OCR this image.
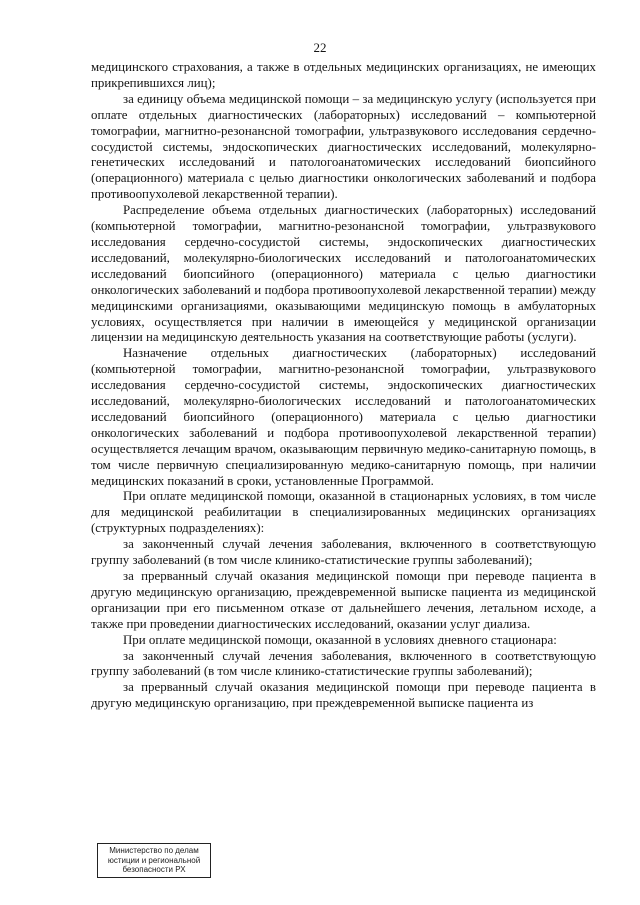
22

медицинского страхования, а также в отдельных медицинских организациях, не имеющих прикрепившихся лиц);

за единицу объема медицинской помощи – за медицинскую услугу (используется при оплате отдельных диагностических (лабораторных) исследований – компьютерной томографии, магнитно-резонансной томографии, ультразвукового исследования сердечно-сосудистой системы, эндоскопических диагностических исследований, молекулярно-генетических исследований и патологоанатомических исследований биопсийного (операционного) материала с целью диагностики онкологических заболеваний и подбора противоопухолевой лекарственной терапии).

Распределение объема отдельных диагностических (лабораторных) исследований (компьютерной томографии, магнитно-резонансной томографии, ультразвукового исследования сердечно-сосудистой системы, эндоскопических диагностических исследований, молекулярно-биологических исследований и патологоанатомических исследований биопсийного (операционного) материала с целью диагностики онкологических заболеваний и подбора противоопухолевой лекарственной терапии) между медицинскими организациями, оказывающими медицинскую помощь в амбулаторных условиях, осуществляется при наличии в имеющейся у медицинской организации лицензии на медицинскую деятельность указания на соответствующие работы (услуги).

Назначение отдельных диагностических (лабораторных) исследований (компьютерной томографии, магнитно-резонансной томографии, ультразвукового исследования сердечно-сосудистой системы, эндоскопических диагностических исследований, молекулярно-биологических исследований и патологоанатомических исследований биопсийного (операционного) материала с целью диагностики онкологических заболеваний и подбора противоопухолевой лекарственной терапии) осуществляется лечащим врачом, оказывающим первичную медико-санитарную помощь, в том числе первичную специализированную медико-санитарную помощь, при наличии медицинских показаний в сроки, установленные Программой.

При оплате медицинской помощи, оказанной в стационарных условиях, в том числе для медицинской реабилитации в специализированных медицинских организациях (структурных подразделениях):

за законченный случай лечения заболевания, включенного в соответствующую группу заболеваний (в том числе клинико-статистические группы заболеваний);

за прерванный случай оказания медицинской помощи при переводе пациента в другую медицинскую организацию, преждевременной выписке пациента из медицинской организации при его письменном отказе от дальнейшего лечения, летальном исходе, а также при проведении диагностических исследований, оказании услуг диализа.

При оплате медицинской помощи, оказанной в условиях дневного стационара:

за законченный случай лечения заболевания, включенного в соответствующую группу заболеваний (в том числе клинико-статистические группы заболеваний);

за прерванный случай оказания медицинской помощи при переводе пациента в другую медицинскую организацию, при преждевременной выписке пациента из

Министерство по делам
юстиции и региональной
безопасности РХ
